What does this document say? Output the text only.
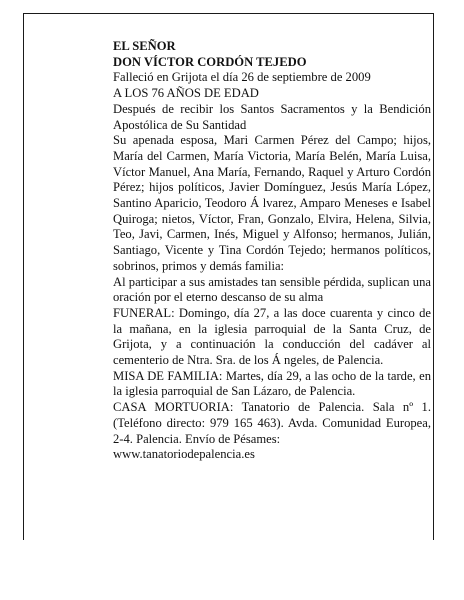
EL SEÑOR

DON VÍCTOR CORDÓN TEJEDO

Falleció en Grijota el día 26 de septiembre de 2009

A LOS 76 AÑOS DE EDAD

Después de recibir los Santos Sacramentos y la Bendición Apostólica de Su Santidad

Su apenada esposa, Mari Carmen Pérez del Campo; hijos, María del Carmen, María Victoria, María Belén, María Luisa, Víctor Manuel, Ana María, Fernando, Raquel y Arturo Cordón Pérez; hijos políticos, Javier Domínguez, Jesús María López, Santino Aparicio, Teodoro Á lvarez, Amparo Meneses e Isabel Quiroga; nietos, Víctor, Fran, Gonzalo, Elvira, Helena, Silvia, Teo, Javi, Carmen, Inés, Miguel y Alfonso; hermanos, Julián, Santiago, Vicente y Tina Cordón Tejedo; hermanos políticos, sobrinos, primos y demás familia:

Al participar a sus amistades tan sensible pérdida, suplican una oración por el eterno descanso de su alma

FUNERAL: Domingo, día 27, a las doce cuarenta y cinco de la mañana, en la iglesia parroquial de la Santa Cruz, de Grijota, y a continuación la conducción del cadáver al cementerio de Ntra. Sra. de los Á ngeles, de Palencia.

MISA DE FAMILIA: Martes, día 29, a las ocho de la tarde, en la iglesia parroquial de San Lázaro, de Palencia.

CASA MORTUORIA: Tanatorio de Palencia. Sala nº 1. (Teléfono directo: 979 165 463). Avda. Comunidad Europea, 2-4. Palencia. Envío de Pésames:

www.tanatoriodepalencia.es
